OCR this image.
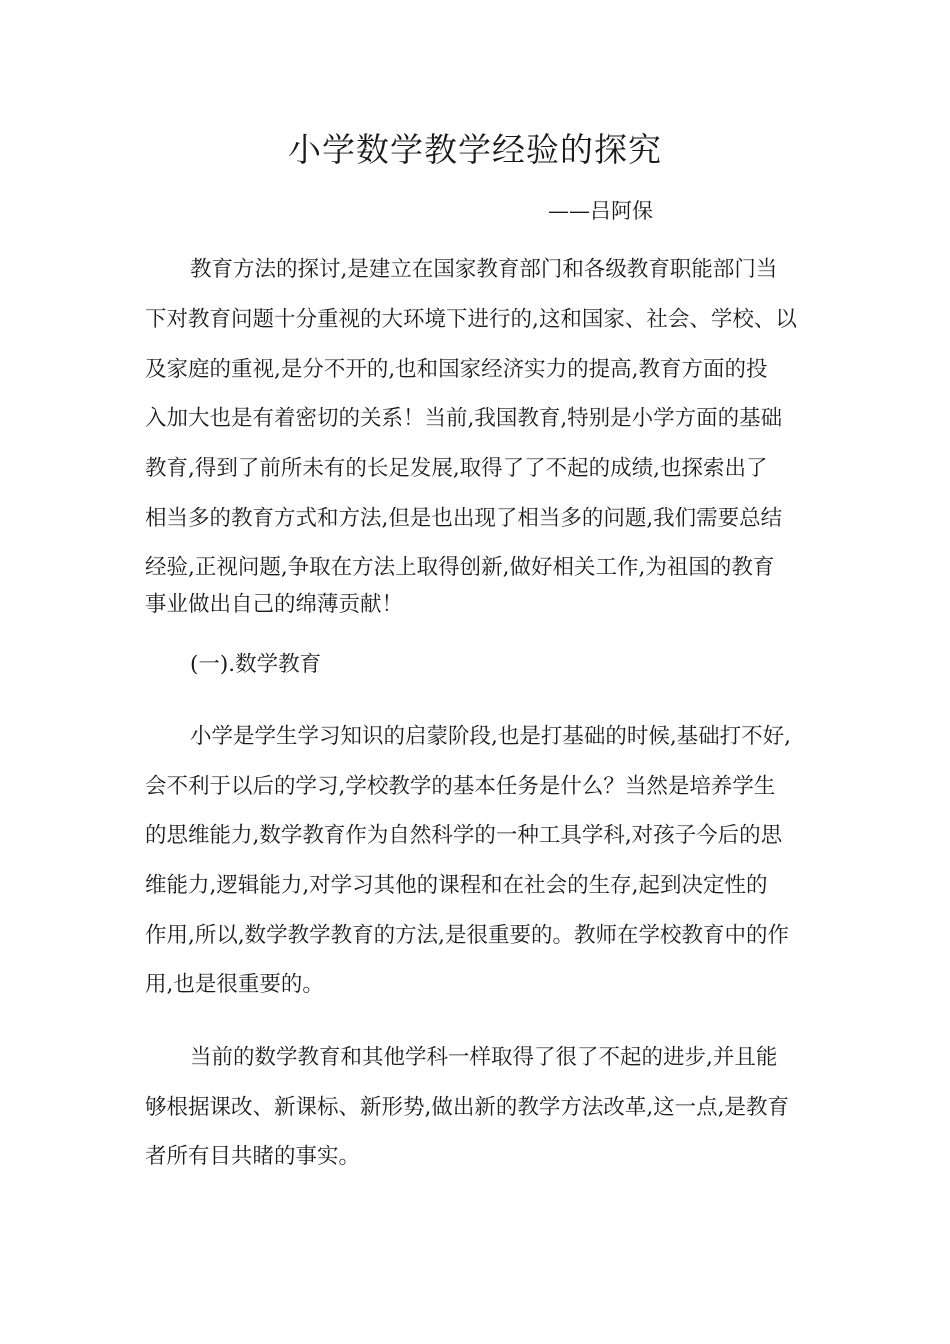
小学数学教学经验的探究
——吕阿保
教育方法的探讨,是建立在国家教育部门和各级教育职能部门当
下对教育问题十分重视的大环境下进行的,这和国家、社会、学校、以
及家庭的重视,是分不开的,也和国家经济实力的提高,教育方面的投
入加大也是有着密切的关系！当前,我国教育,特别是小学方面的基础
教育,得到了前所未有的长足发展,取得了了不起的成绩,也探索出了
相当多的教育方式和方法,但是也出现了相当多的问题,我们需要总结
经验,正视问题,争取在方法上取得创新,做好相关工作,为祖国的教育
事业做出自己的绵薄贡献！
(一).数学教育
小学是学生学习知识的启蒙阶段,也是打基础的时候,基础打不好,
会不利于以后的学习,学校教学的基本任务是什么？当然是培养学生
的思维能力,数学教育作为自然科学的一种工具学科,对孩子今后的思
维能力,逻辑能力,对学习其他的课程和在社会的生存,起到决定性的
作用,所以,数学教学教育的方法,是很重要的。教师在学校教育中的作
用,也是很重要的。
当前的数学教育和其他学科一样取得了很了不起的进步,并且能
够根据课改、新课标、新形势,做出新的教学方法改革,这一点,是教育
者所有目共睹的事实。
